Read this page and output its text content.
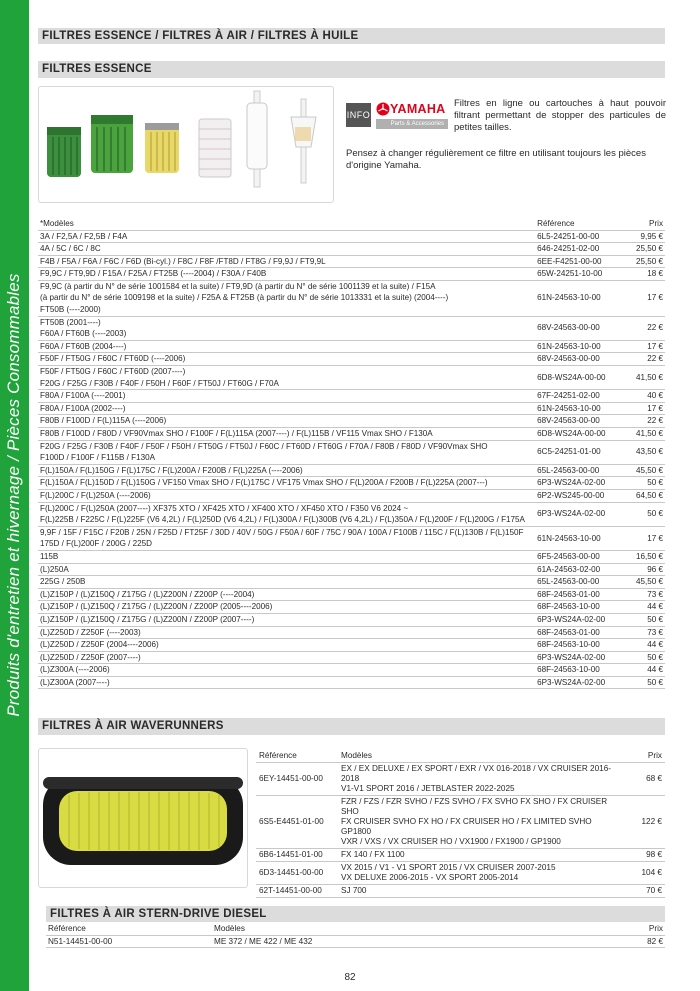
Produits d'entretien et hivernage / Pièces Consommables
FILTRES ESSENCE / FILTRES À AIR / FILTRES À HUILE
FILTRES ESSENCE
INFO YAMAHA
Parts & Accessories
Filtres en ligne ou cartouches à haut pouvoir filtrant permettant de stopper des particules de petites tailles.
Pensez à changer régulièrement ce filtre en utilisant toujours les pièces d'origine Yamaha.
*Modèles	Référence	Prix

3A / F2,5A / F2,5B / F4A	6L5-24251-00-00	9,95 €

4A / 5C / 6C / 8C	646-24251-02-00	25,50 €

F4B / F5A / F6A / F6C / F6D (Bi-cyl.) / F8C / F8F /FT8D / FT8G / F9,9J / FT9,9L	6EE-F4251-00-00	25,50 €

F9,9C / FT9,9D / F15A / F25A / FT25B (----2004) / F30A / F40B	65W-24251-10-00	18 €

F9,9C (à partir du N° de série 1001584 et la suite) / FT9,9D (à partir du N° de série 1001139 et la suite) / F15A
(à partir du N° de série 1009198 et la suite) / F25A & FT25B (à partir du N° de série 1013331 et la suite) (2004----)
FT50B (----2000)	61N-24563-10-00	17 €

FT50B (2001----)
F60A / FT60B (----2003)	68V-24563-00-00	22 €

F60A / FT60B (2004----)	61N-24563-10-00	17 €

F50F / FT50G / F60C / FT60D (----2006)	68V-24563-00-00	22 €

F50F / FT50G / F60C / FT60D (2007----)
F20G / F25G / F30B / F40F / F50H / F60F / FT50J / FT60G / F70A	6D8-WS24A-00-00	41,50 €

F80A / F100A (----2001)	67F-24251-02-00	40 €

F80A / F100A (2002----)	61N-24563-10-00	17 €

F80B / F100D / F(L)115A (----2006)	68V-24563-00-00	22 €

F80B / F100D / F80D / VF90Vmax SHO / F100F / F(L)115A (2007----) / F(L)115B / VF115 Vmax SHO / F130A	6D8-WS24A-00-00	41,50 €

F20G / F25G / F30B / F40F / F50F / F50H / FT50G / FT50J / F60C / FT60D / FT60G / F70A / F80B / F80D / VF90Vmax SHO
F100D / F100F / F115B / F130A	6C5-24251-01-00	43,50 €

F(L)150A / F(L)150G / F(L)175C / F(L)200A / F200B / F(L)225A (----2006)	65L-24563-00-00	45,50 €

F(L)150A / F(L)150D / F(L)150G / VF150 Vmax SHO / F(L)175C / VF175 Vmax SHO / F(L)200A / F200B / F(L)225A (2007---)	6P3-WS24A-02-00	50 €

F(L)200C / F(L)250A (----2006)	6P2-WS245-00-00	64,50 €

F(L)200C / F(L)250A (2007----) XF375 XTO / XF425 XTO / XF400 XTO / XF450 XTO / F350 V6 2024 ~
F(L)225B / F225C / F(L)225F (V6 4,2L) / F(L)250D (V6 4,2L) / F(L)300A / F(L)300B (V6 4,2L) / F(L)350A / F(L)200F / F(L)200G / F175A	6P3-WS24A-02-00	50 €

9,9F / 15F / F15C / F20B / 25N / F25D / FT25F / 30D / 40V / 50G / F50A / 60F / 75C / 90A / 100A / F100B / 115C / F(L)130B / F(L)150F
175D / F(L)200F / 200G / 225D	61N-24563-10-00	17 €

115B	6F5-24563-00-00	16,50 €

(L)250A	61A-24563-02-00	96 €

225G / 250B	65L-24563-00-00	45,50 €

(L)Z150P / (L)Z150Q / Z175G / (L)Z200N / Z200P (----2004)	68F-24563-01-00	73 €

(L)Z150P / (L)Z150Q / Z175G / (L)Z200N / Z200P (2005----2006)	68F-24563-10-00	44 €

(L)Z150P / (L)Z150Q / Z175G / (L)Z200N / Z200P (2007----)	6P3-WS24A-02-00	50 €

(L)Z250D / Z250F (----2003)	68F-24563-01-00	73 €

(L)Z250D / Z250F (2004----2006)	68F-24563-10-00	44 €

(L)Z250D / Z250F (2007----)	6P3-WS24A-02-00	50 €

(L)Z300A (----2006)	68F-24563-10-00	44 €

(L)Z300A (2007----)	6P3-WS24A-02-00	50 €
FILTRES À AIR WAVERUNNERS
Référence	Modèles	Prix
6EY-14451-00-00	EX / EX DELUXE / EX SPORT / EXR / VX 016-2018 / VX CRUISER 2016-2018
V1-V1 SPORT 2016 / JETBLASTER 2022-2025	68 €
6S5-E4451-01-00	FZR / FZS / FZR SVHO / FZS SVHO / FX SVHO FX SHO / FX CRUISER SHO
FX CRUISER SVHO FX HO / FX CRUISER HO / FX LIMITED SVHO GP1800
VXR / VXS / VX CRUISER HO / VX1900 / FX1900 / GP1900	122 €
6B6-14451-01-00	FX 140 / FX 1100	98 €
6D3-14451-00-00	VX 2015 / V1 - V1 SPORT 2015 / VX CRUISER 2007-2015
VX DELUXE 2006-2015 - VX SPORT 2005-2014	104 €
62T-14451-00-00	SJ 700	70 €
FILTRES À AIR STERN-DRIVE DIESEL
Référence	Modèles	Prix
N51-14451-00-00	ME 372 / ME 422 / ME 432	82 €
82
